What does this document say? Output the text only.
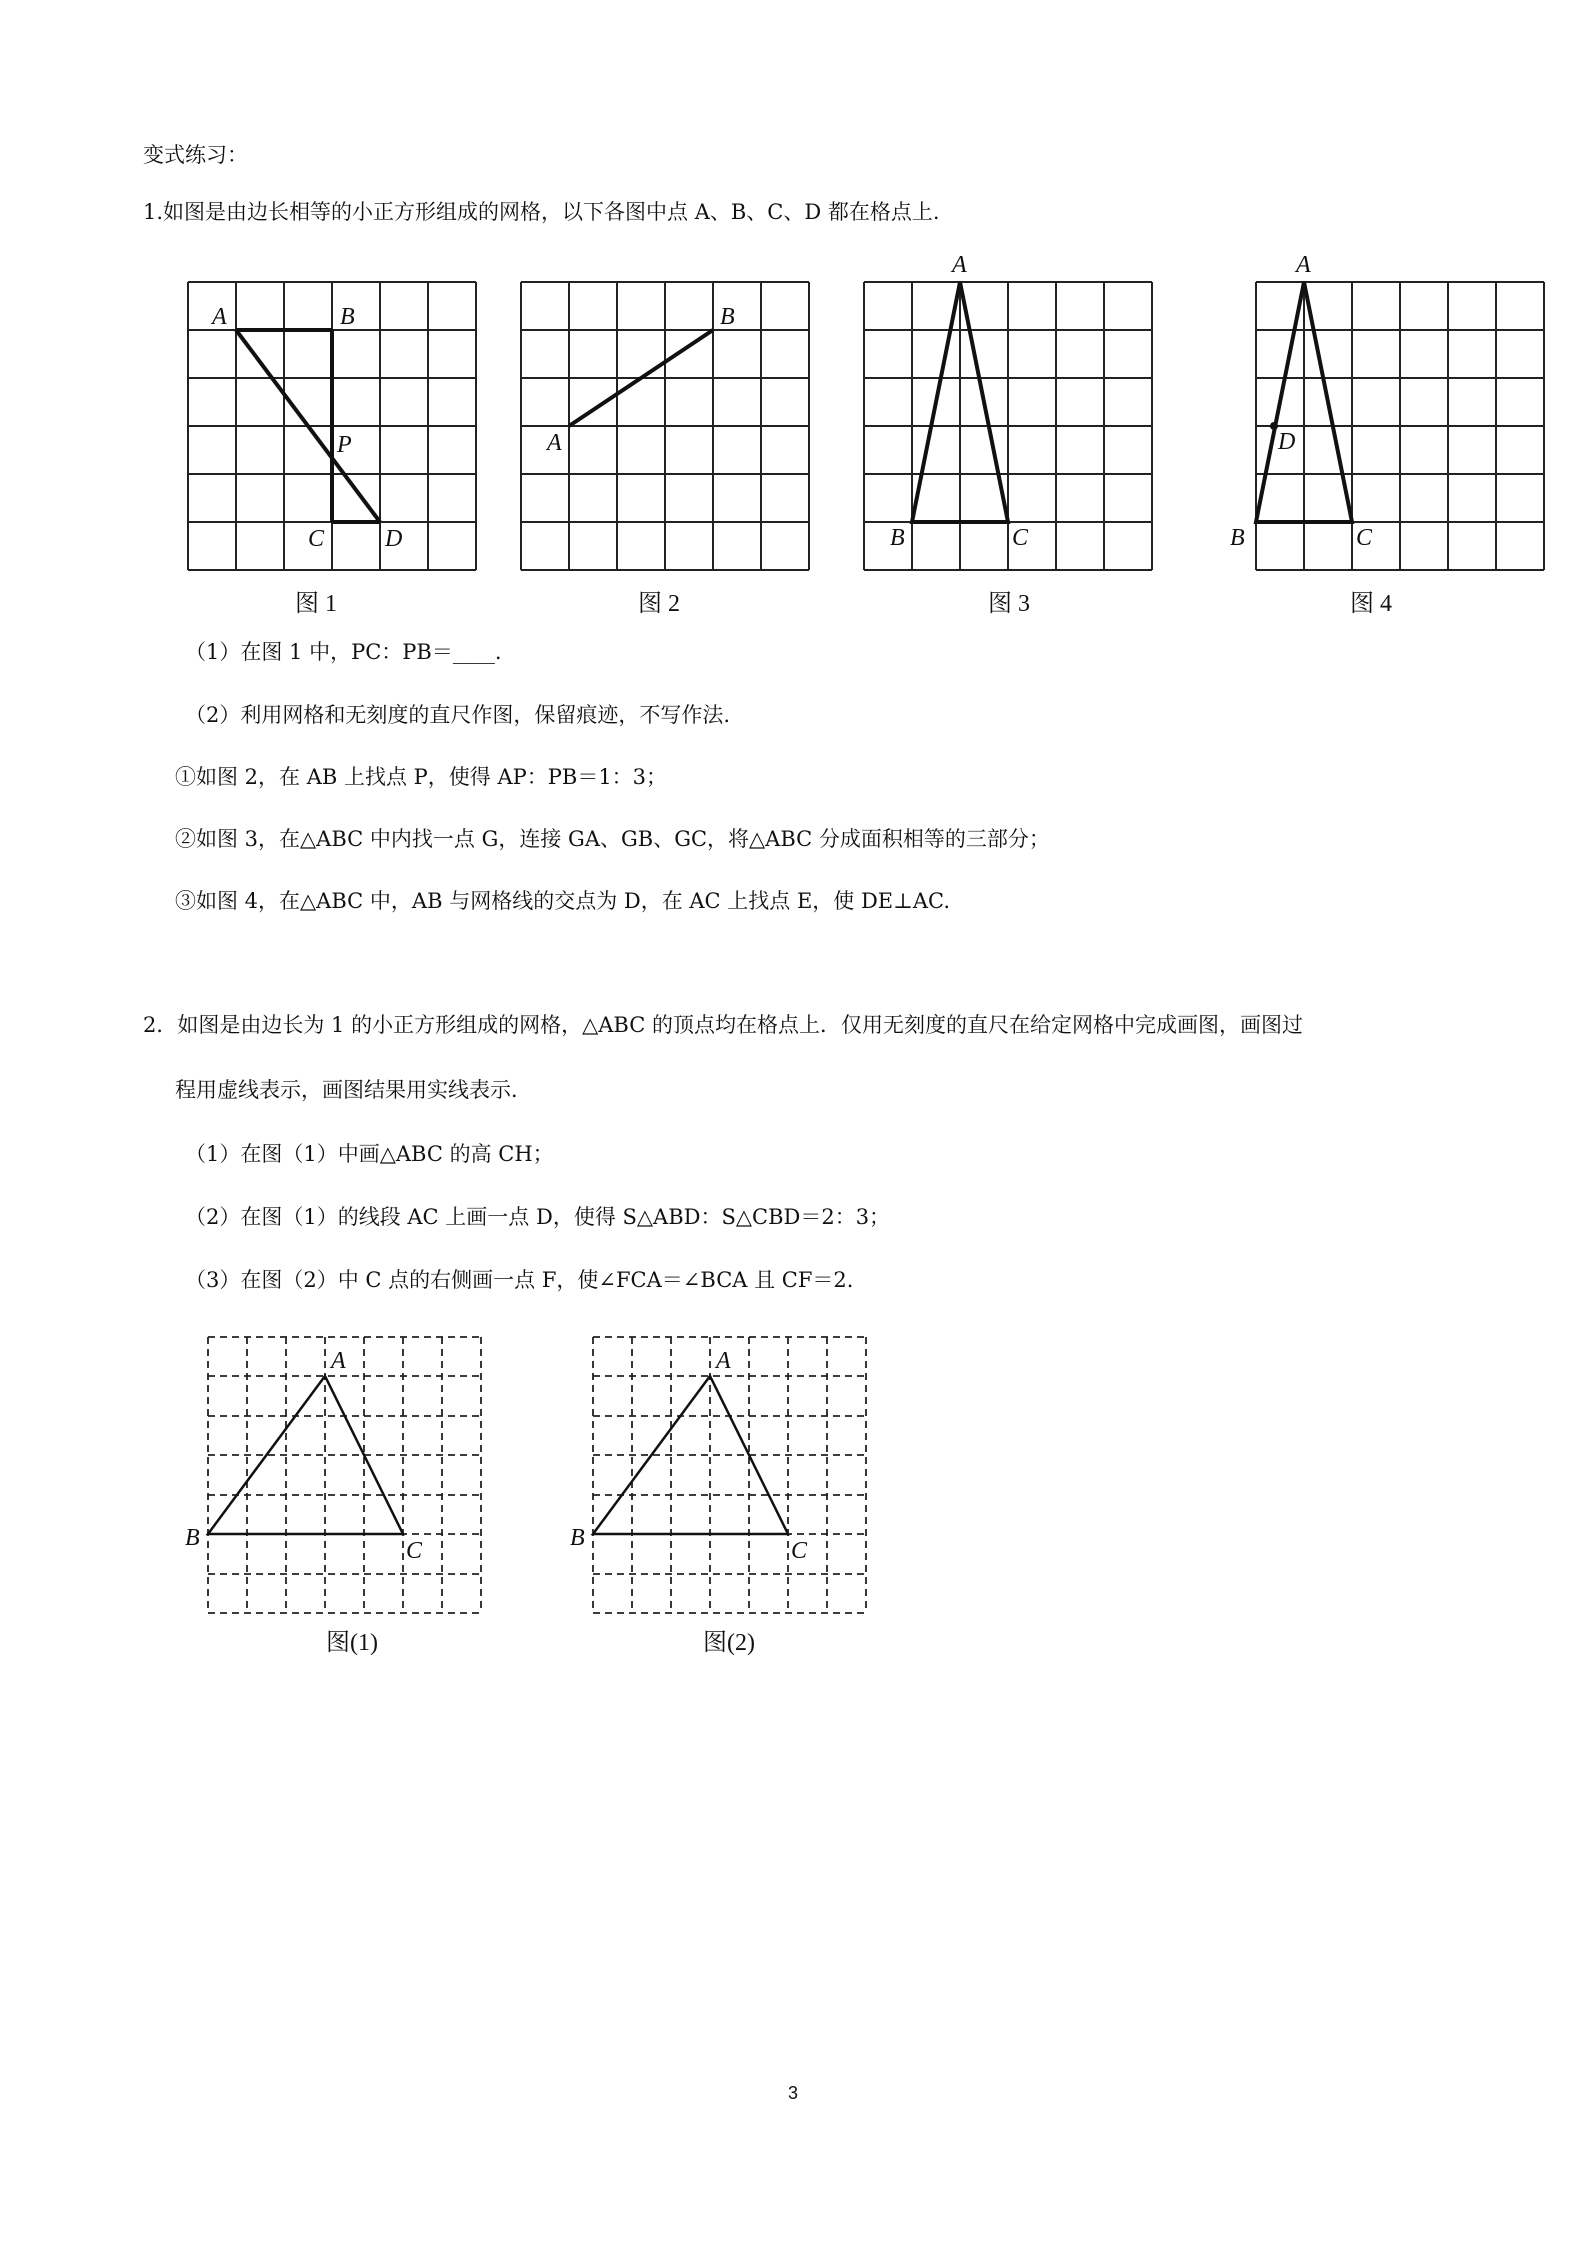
变式练习：
1.如图是由边长相等的小正方形组成的网格，以下各图中点 A、B、C、D 都在格点上.
A	B
P
C	D
图 1
A
B
图 2
A
B	C
图 3
A
D
B	C
图 4
（1）在图 1 中，PC：PB＝____.
（2）利用网格和无刻度的直尺作图，保留痕迹，不写作法.
①如图 2，在 AB 上找点 P，使得 AP：PB＝1：3；
②如图 3，在△ABC 中内找一点 G，连接 GA、GB、GC，将△ABC 分成面积相等的三部分；
③如图 4，在△ABC 中，AB 与网格线的交点为 D，在 AC 上找点 E，使 DE⊥AC.
2．如图是由边长为 1 的小正方形组成的网格，△ABC 的顶点均在格点上．仅用无刻度的直尺在给定网格中完成画图，画图过
程用虚线表示，画图结果用实线表示．
（1）在图（1）中画△ABC 的高 CH；
（2）在图（1）的线段 AC 上画一点 D，使得 S△ABD：S△CBD＝2：3；
（3）在图（2）中 C 点的右侧画一点 F，使∠FCA＝∠BCA 且 CF＝2.
A
B	C
图(1)
A
B	C
图(2)
3
